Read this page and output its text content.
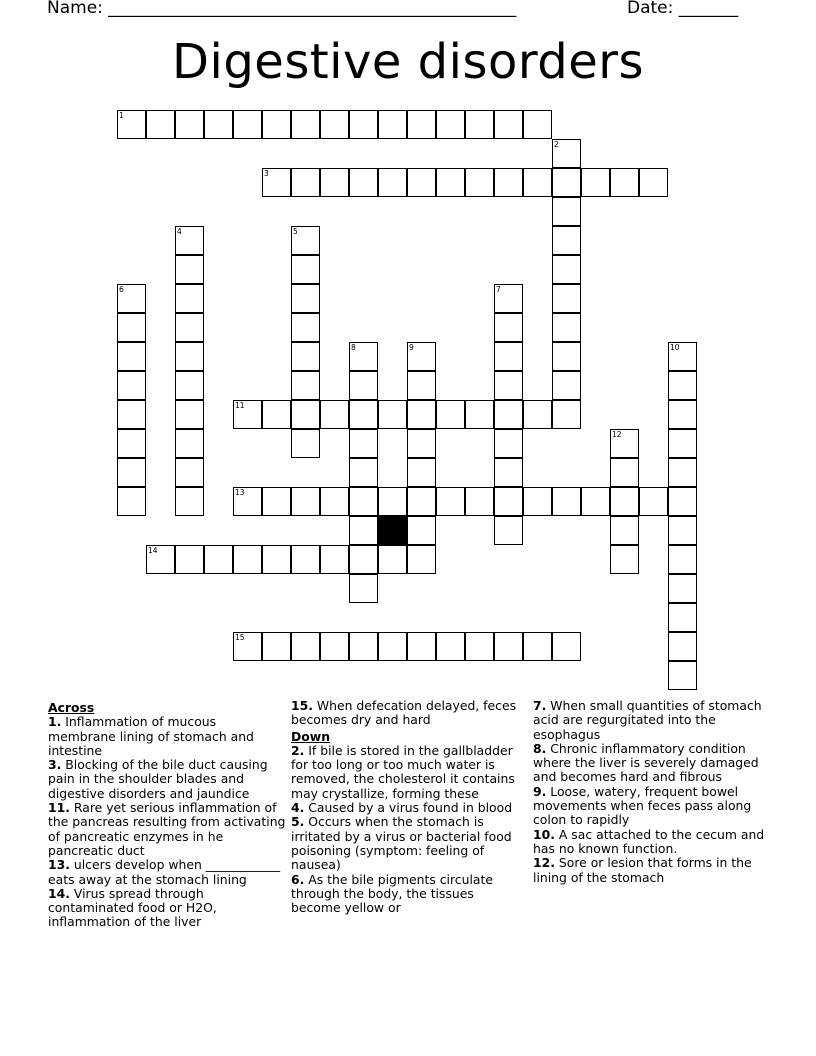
Name: ________________________________________________	Date: _______
Digestive disorders
1
2
3
4	5
6	7
8	9	10
11
12
13
14
15
Across
1. Inflammation of mucous membrane lining of stomach and intestine
3. Blocking of the bile duct causing pain in the shoulder blades and digestive disorders and jaundice
11. Rare yet serious inflammation of the pancreas resulting from activating of pancreatic enzymes in he pancreatic duct
13. ulcers develop when ____________ eats away at the stomach lining
14. Virus spread through contaminated food or H2O, inflammation of the liver
15. When defecation delayed, feces becomes dry and hard
Down
2. If bile is stored in the gallbladder for too long or too much water is removed, the cholesterol it contains may crystallize, forming these
4. Caused by a virus found in blood
5. Occurs when the stomach is irritated by a virus or bacterial food poisoning (symptom: feeling of nausea)
6. As the bile pigments circulate through the body, the tissues become yellow or
7. When small quantities of stomach acid are regurgitated into the esophagus
8. Chronic inflammatory condition where the liver is severely damaged and becomes hard and fibrous
9. Loose, watery, frequent bowel movements when feces pass along colon to rapidly
10. A sac attached to the cecum and has no known function.
12. Sore or lesion that forms in the lining of the stomach
